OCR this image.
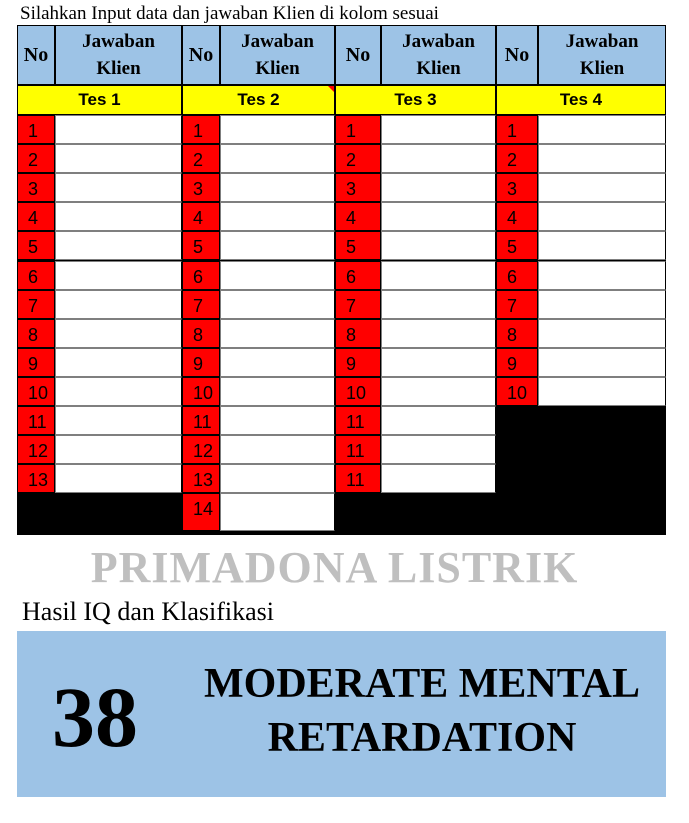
Silahkan Input data dan jawaban Klien di kolom sesuai
No
Jawaban
Klien
Tes 1
1
2
3
4
5
6
7
8
9
10
11
12
13
No
Jawaban
Klien
Tes 2
1
2
3
4
5
6
7
8
9
10
11
12
13
14
No
Jawaban
Klien
Tes 3
1
2
3
4
5
6
7
8
9
10
11
11
11
No
Jawaban
Klien
Tes 4
1
2
3
4
5
6
7
8
9
10
PRIMADONA LISTRIK
Hasil IQ dan Klasifikasi
38	MODERATE MENTAL
RETARDATION
